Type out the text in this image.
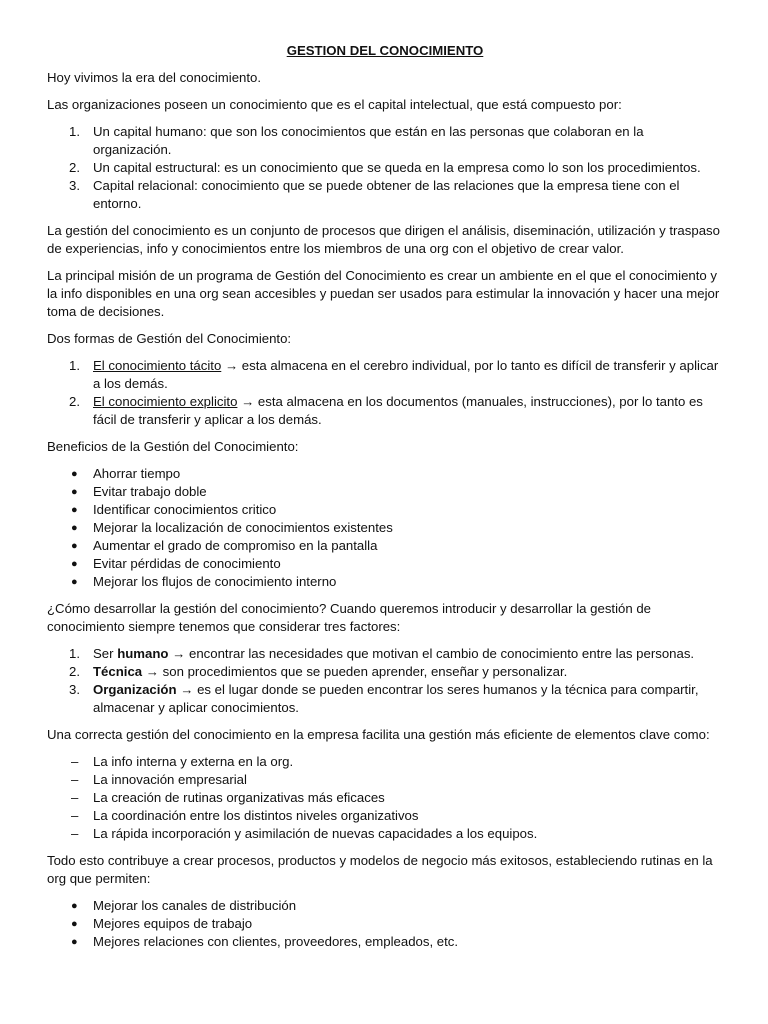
GESTION DEL CONOCIMIENTO

Hoy vivimos la era del conocimiento.

Las organizaciones poseen un conocimiento que es el capital intelectual, que está compuesto por:

1. Un capital humano: que son los conocimientos que están en las personas que colaboran en la organización.
2. Un capital estructural: es un conocimiento que se queda en la empresa como lo son los procedimientos.
3. Capital relacional: conocimiento que se puede obtener de las relaciones que la empresa tiene con el entorno.

La gestión del conocimiento es un conjunto de procesos que dirigen el análisis, diseminación, utilización y traspaso de experiencias, info y conocimientos entre los miembros de una org con el objetivo de crear valor.

La principal misión de un programa de Gestión del Conocimiento es crear un ambiente en el que el conocimiento y la info disponibles en una org sean accesibles y puedan ser usados para estimular la innovación y hacer una mejor toma de decisiones.

Dos formas de Gestión del Conocimiento:

1. El conocimiento tácito → esta almacena en el cerebro individual, por lo tanto es difícil de transferir y aplicar a los demás.
2. El conocimiento explicito → esta almacena en los documentos (manuales, instrucciones), por lo tanto es fácil de transferir y aplicar a los demás.

Beneficios de la Gestión del Conocimiento:

● Ahorrar tiempo
● Evitar trabajo doble
● Identificar conocimientos critico
● Mejorar la localización de conocimientos existentes
● Aumentar el grado de compromiso en la pantalla
● Evitar pérdidas de conocimiento
● Mejorar los flujos de conocimiento interno

¿Cómo desarrollar la gestión del conocimiento? Cuando queremos introducir y desarrollar la gestión de conocimiento siempre tenemos que considerar tres factores:

1. Ser humano → encontrar las necesidades que motivan el cambio de conocimiento entre las personas.
2. Técnica → son procedimientos que se pueden aprender, enseñar y personalizar.
3. Organización → es el lugar donde se pueden encontrar los seres humanos y la técnica para compartir, almacenar y aplicar conocimientos.

Una correcta gestión del conocimiento en la empresa facilita una gestión más eficiente de elementos clave como:

– La info interna y externa en la org.
– La innovación empresarial
– La creación de rutinas organizativas más eficaces
– La coordinación entre los distintos niveles organizativos
– La rápida incorporación y asimilación de nuevas capacidades a los equipos.

Todo esto contribuye a crear procesos, productos y modelos de negocio más exitosos, estableciendo rutinas en la org que permiten:

● Mejorar los canales de distribución
● Mejores equipos de trabajo
● Mejores relaciones con clientes, proveedores, empleados, etc.
